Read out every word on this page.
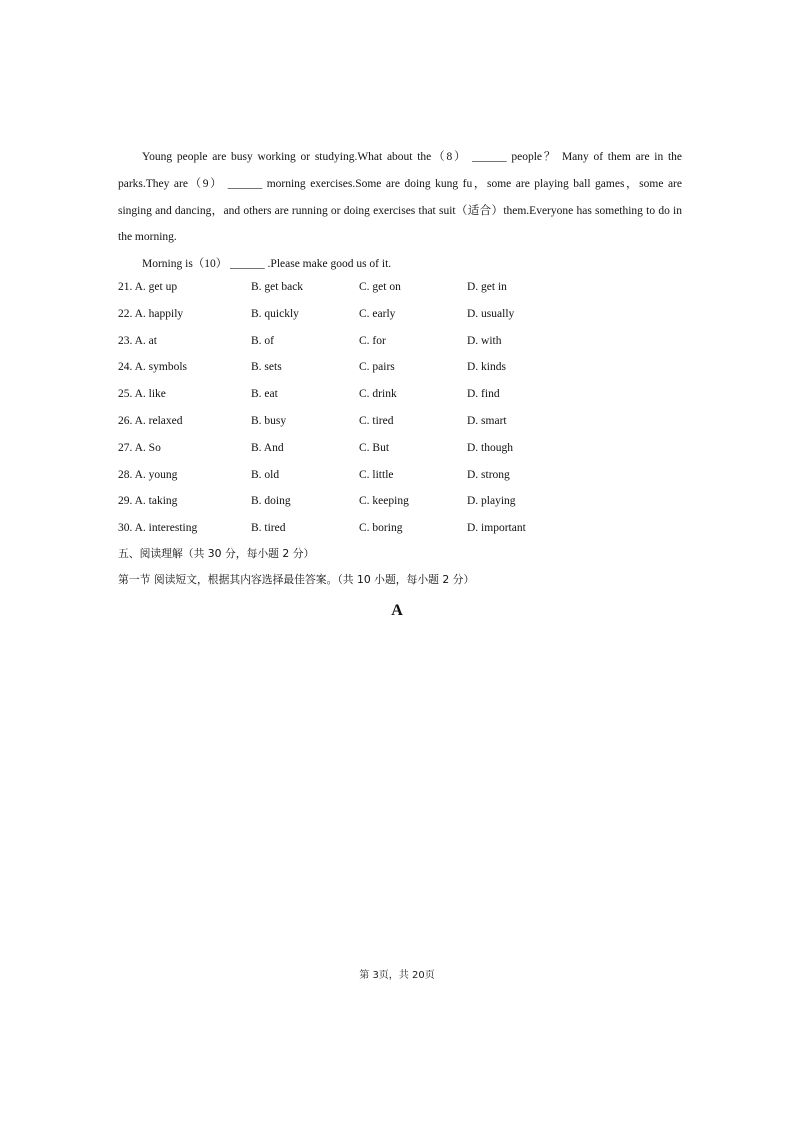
Young people are busy working or studying.What about the（8） ______ people？ Many of them are in the parks.They are（9） ______ morning exercises.Some are doing kung fu，some are playing ball games，some are singing and dancing，and others are running or doing exercises that suit（适合）them.Everyone has something to do in the morning.

Morning is（10） ______ .Please make good us of it.

21. A. get up	B. get back	C. get on	D. get in
22. A. happily	B. quickly	C. early	D. usually
23. A. at	B. of	C. for	D. with
24. A. symbols	B. sets	C. pairs	D. kinds
25. A. like	B. eat	C. drink	D. find
26. A. relaxed	B. busy	C. tired	D. smart
27. A. So	B. And	C. But	D. though
28. A. young	B. old	C. little	D. strong
29. A. taking	B. doing	C. keeping	D. playing
30. A. interesting	B. tired	C. boring	D. important
五、阅读理解（共 30 分，每小题 2 分）
第一节 阅读短文，根据其内容选择最佳答案。（共 10 小题，每小题 2 分）
A
第 3页，共 20页
